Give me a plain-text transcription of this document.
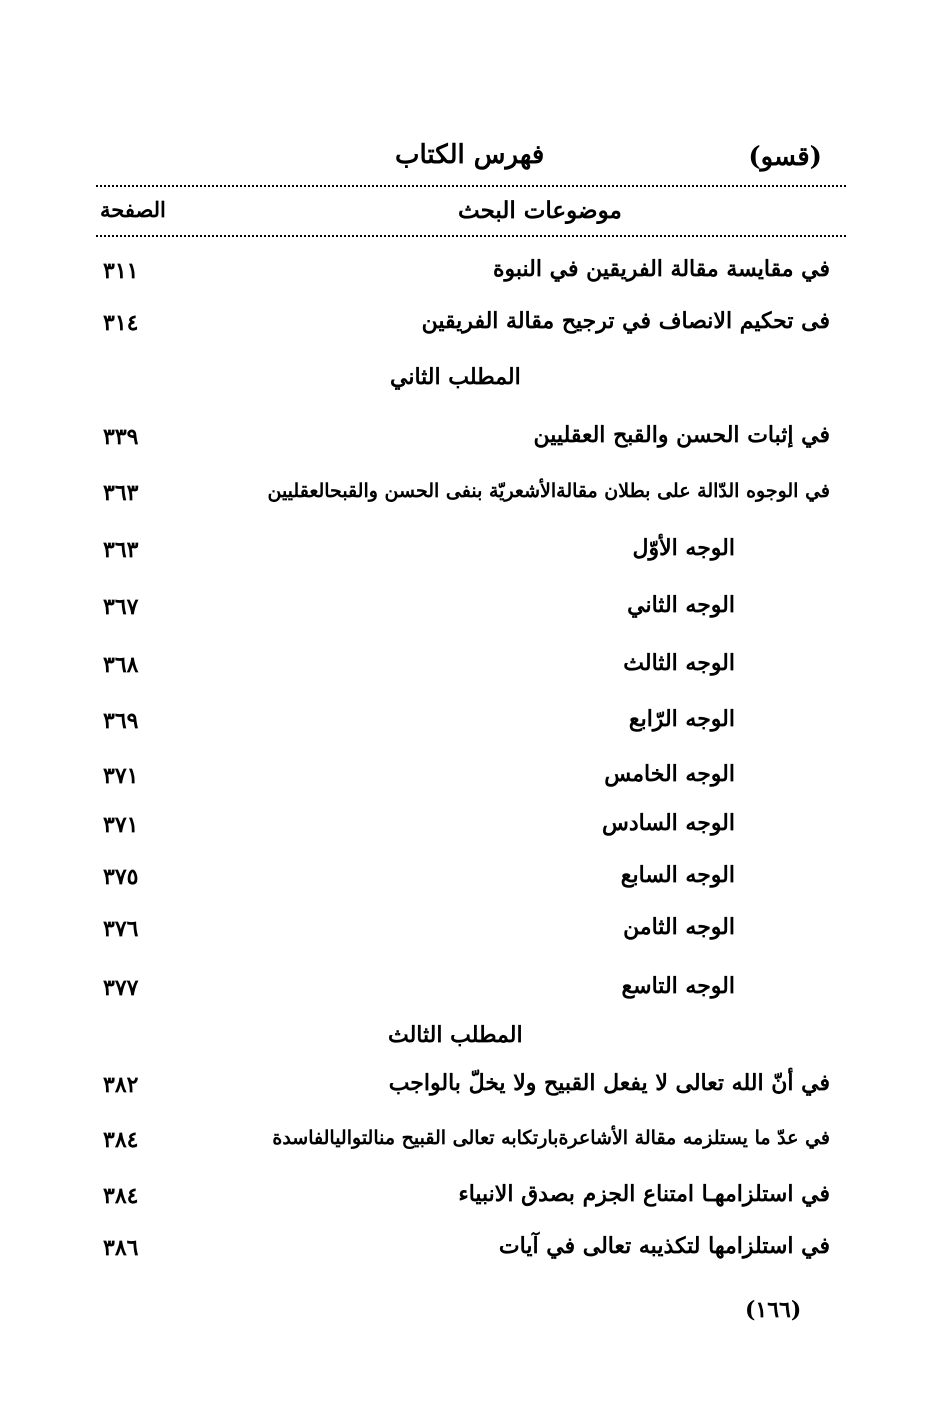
(قسو)
فهرس الكتاب
موضوعات البحث
الصفحة
في مقايسة مقالة الفريقين في النبوة
٣١١
فى تحكيم الانصاف في ترجيح مقالة الفريقين
٣١٤
المطلب الثاني
في إثبات الحسن والقبح العقليين
٣٣٩
في الوجوه الدّالة على بطلان مقالةالأشعريّة بنفى الحسن والقبحالعقليين
٣٦٣
الوجه الأوّل
٣٦٣
الوجه الثاني
٣٦٧
الوجه الثالث
٣٦٨
الوجه الرّابع
٣٦٩
الوجه الخامس
٣٧١
الوجه السادس
٣٧١
الوجه السابع
٣٧٥
الوجه الثامن
٣٧٦
الوجه التاسع
٣٧٧
المطلب الثالث
في أنّ الله تعالى لا يفعل القبيح ولا يخلّ بالواجب
٣٨٢
في عدّ ما يستلزمه مقالة الأشاعرةبارتكابه تعالى القبيح منالتواليالفاسدة
٣٨٤
في استلزامهـا امتناع الجزم بصدق الانبياء
٣٨٤
في استلزامها لتكذيبه تعالى في آيات
٣٨٦
(١٦٦)
